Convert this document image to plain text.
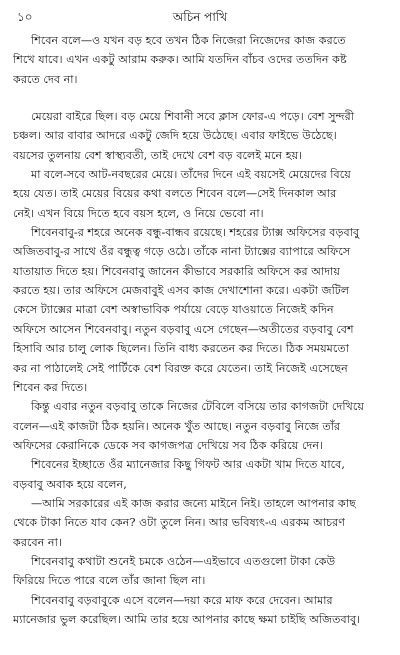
১০	অচিন পাখি
শিবেন বলে—ও যখন বড় হবে তখন ঠিক নিজেরা নিজেদের কাজ করতে
শিখে যাবে। এখন একটু আরাম করুক। আমি যতদিন বাঁচব ওদের ততদিন কষ্ট
করতে দেব না।
মেয়েরা বাইরে ছিল। বড় মেয়ে শিবানী সবে ক্লাস ফোর-এ পড়ে। বেশ সুন্দরী
চঞ্চল। আর বাবার আদরে একটু জেদি হয়ে উঠেছে। এবার ফাইভে উঠেছে।
বয়সের তুলনায় বেশ স্বাস্থ্যবতী, তাই দেখে বেশ বড় বলেই মনে হয়।
মা বলে-সবে আট-নবছরের মেয়ে। তাঁদের দিনে এই বয়সেই মেয়েদের বিয়ে
হয়ে যেত। তাই মেয়ের বিয়ের কথা বলতে শিবেন বলে—সেই দিনকাল আর
নেই। এখন বিয়ে দিতে হবে বয়স হলে, ও নিয়ে ভেবো না।
শিবেনবাবু-র শহরে অনেক বন্ধু-বান্ধব রয়েছে। শহরের ট্যাক্স অফিসের বড়বাবু
অজিতবাবু-র সাথে ওঁর বন্ধুত্ব গড়ে ওঠে। তাঁকে নানা ট্যাক্সের ব্যাপারে অফিসে
যাতায়াত দিতে হয়। শিবেনবাবু জানেন কীভাবে সরকারি অফিসে কর আদায়
করতে হয়। তার অফিসে মেজবাবুই এসব কাজ দেখাশোনা করে। একটা জটিল
কেসে ট্যাক্সের মাত্রা বেশ অস্বাভাবিক পর্যায়ে বেড়ে যাওয়াতে নিজেই কদিন
অফিসে আসেন শিবেনবাবু। নতুন বড়বাবু এসে গেছেন—অতীতের বড়বাবু বেশ
হিসাবি আর চালু লোক ছিলেন। তিনি বাধ্য করতেন কর দিতে। ঠিক সময়মতো
কর না পাঠালেই সেই পার্টিকে বেশ বিরক্ত করে যেতেন। তাই নিজেই এসেছেন
শিবেন কর দিতে।
কিন্তু এবার নতুন বড়বাবু তাকে নিজের টেবিলে বসিয়ে তার কাগজটা দেখিয়ে
বলেন—এই কাজটা ঠিক হয়নি। অনেক খুঁত আছে। নতুন বড়বাবু নিজে তাঁর
অফিসের কেরানিকে ডেকে সব কাগজপত্র দেখিয়ে সব ঠিক করিয়ে দেন।
শিবেনের ইচ্ছাতে ওঁর ম্যানেজার কিছু গিফট আর একটা খাম দিতে যাবে,
বড়বাবু অবাক হয়ে বলেন,
—আমি সরকারের এই কাজ করার জন্যে মাইনে নিই। তাহলে আপনার কাছ
থেকে টাকা নিতে যাব কেন? ওটা তুলে নিন। আর ভবিষ্যৎ-এ এরকম আচরণ
করবেন না।
শিবেনবাবু কথাটা শুনেই চমকে ওঠেন—এইভাবে এতগুলো টাকা কেউ
ফিরিয়ে দিতে পারে বলে তাঁর জানা ছিল না।
শিবেনবাবু বড়বাবুকে এসে বলেন—দয়া করে মাফ করে দেবেন। আমার
ম্যানেজার ভুল করেছিল। আমি তার হয়ে আপনার কাছে ক্ষমা চাইছি অজিতবাবু।
